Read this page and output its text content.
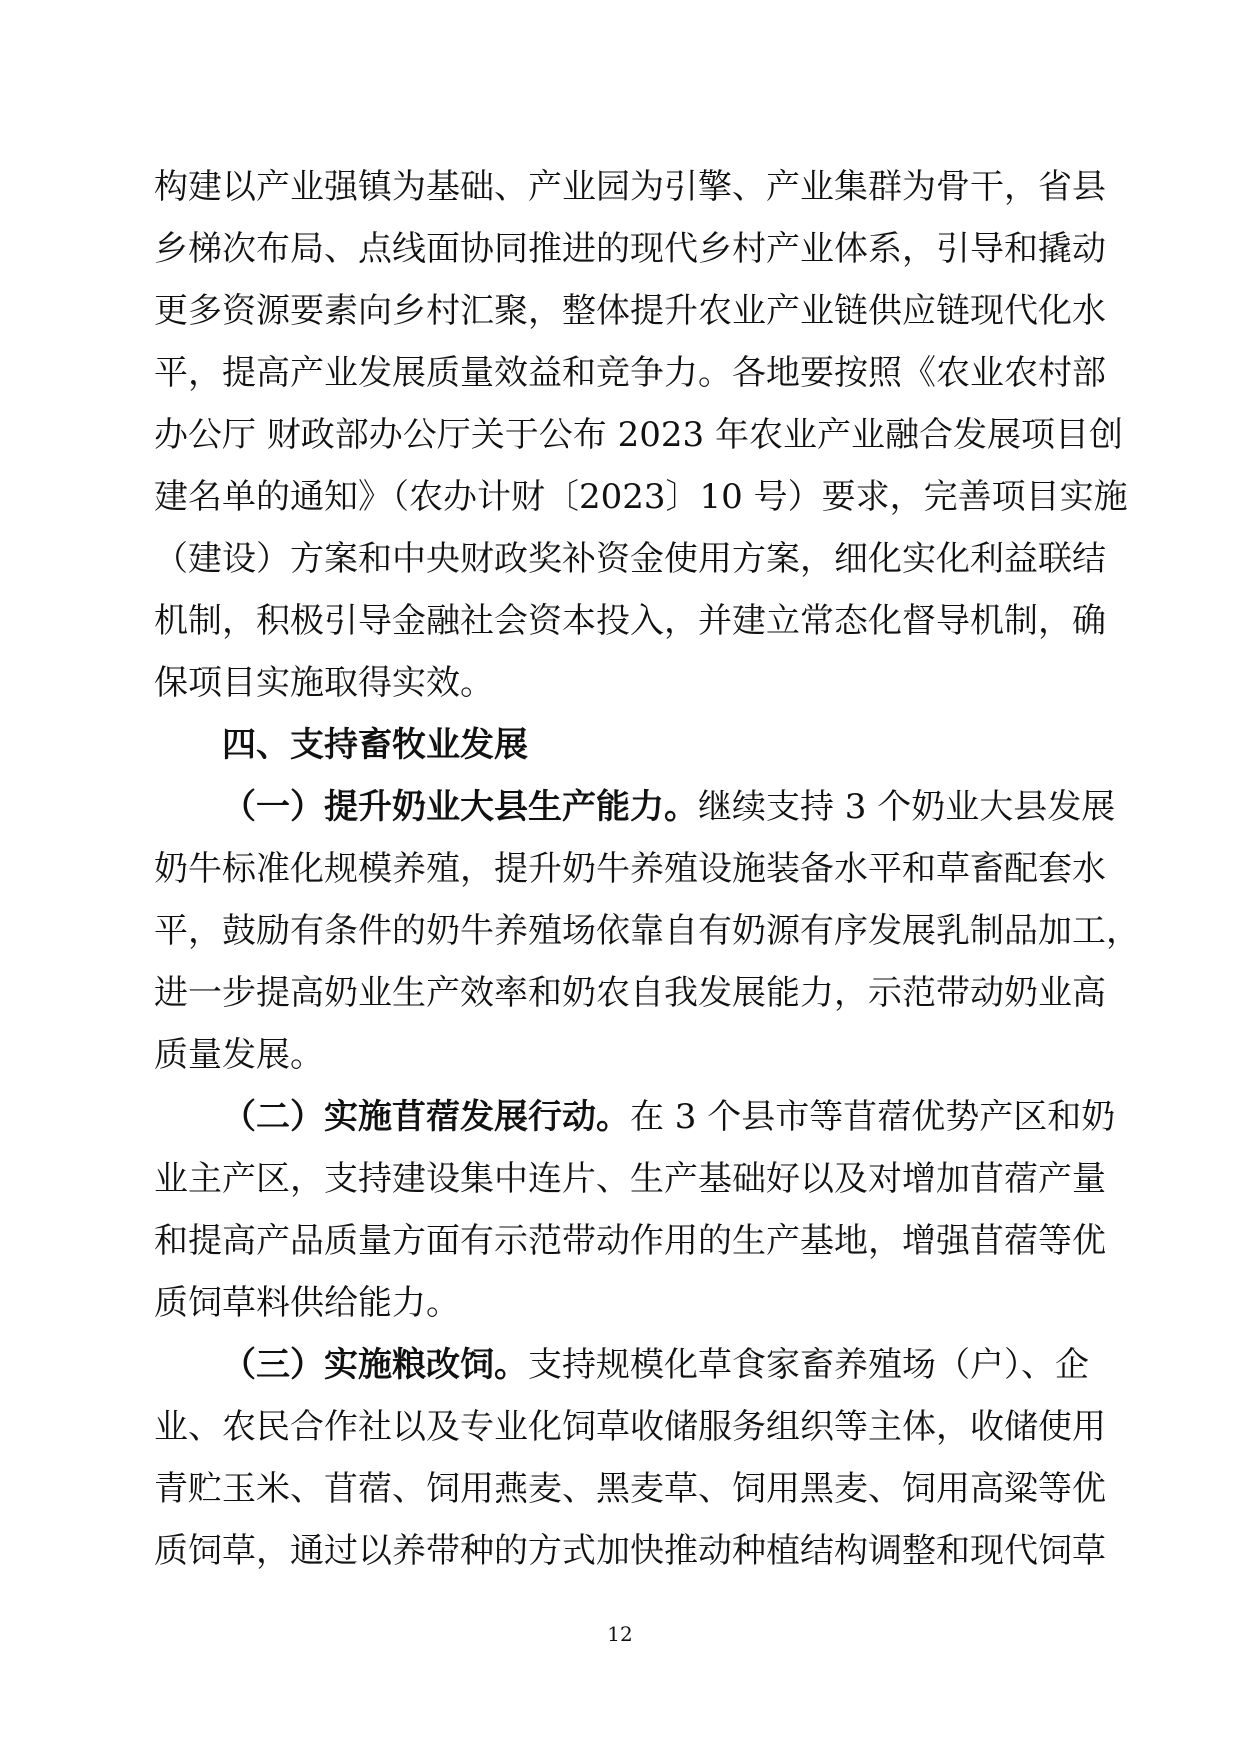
构建以产业强镇为基础、产业园为引擎、产业集群为骨干，省县
乡梯次布局、点线面协同推进的现代乡村产业体系，引导和撬动
更多资源要素向乡村汇聚，整体提升农业产业链供应链现代化水
平，提高产业发展质量效益和竞争力。各地要按照《农业农村部
办公厅 财政部办公厅关于公布 2023 年农业产业融合发展项目创
建名单的通知》（农办计财〔2023〕10 号）要求，完善项目实施
（建设）方案和中央财政奖补资金使用方案，细化实化利益联结
机制，积极引导金融社会资本投入，并建立常态化督导机制，确
保项目实施取得实效。
四、支持畜牧业发展
（一）提升奶业大县生产能力。继续支持 3 个奶业大县发展
奶牛标准化规模养殖，提升奶牛养殖设施装备水平和草畜配套水
平，鼓励有条件的奶牛养殖场依靠自有奶源有序发展乳制品加工，
进一步提高奶业生产效率和奶农自我发展能力，示范带动奶业高
质量发展。
（二）实施苜蓿发展行动。在 3 个县市等苜蓿优势产区和奶
业主产区，支持建设集中连片、生产基础好以及对增加苜蓿产量
和提高产品质量方面有示范带动作用的生产基地，增强苜蓿等优
质饲草料供给能力。
（三）实施粮改饲。支持规模化草食家畜养殖场（户）、企
业、农民合作社以及专业化饲草收储服务组织等主体，收储使用
青贮玉米、苜蓿、饲用燕麦、黑麦草、饲用黑麦、饲用高粱等优
质饲草，通过以养带种的方式加快推动种植结构调整和现代饲草
12
